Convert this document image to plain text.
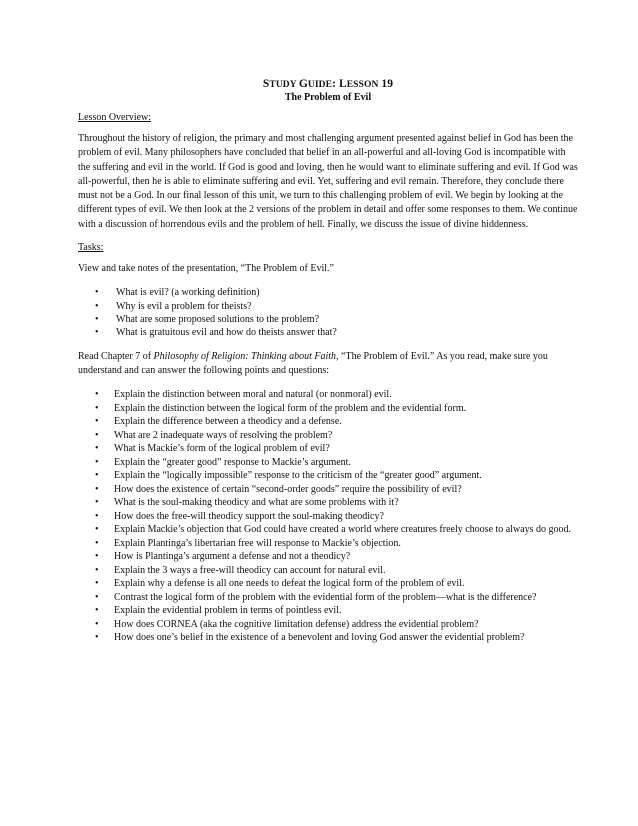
STUDY GUIDE: LESSON 19
The Problem of Evil
Lesson Overview:

Throughout the history of religion, the primary and most challenging argument presented against belief in God has been the problem of evil. Many philosophers have concluded that belief in an all-powerful and all-loving God is incompatible with the suffering and evil in the world. If God is good and loving, then he would want to eliminate suffering and evil. If God was all-powerful, then he is able to eliminate suffering and evil. Yet, suffering and evil remain. Therefore, they conclude there must not be a God. In our final lesson of this unit, we turn to this challenging problem of evil. We begin by looking at the different types of evil. We then look at the 2 versions of the problem in detail and offer some responses to them. We continue with a discussion of horrendous evils and the problem of hell. Finally, we discuss the issue of divine hiddenness.

Tasks:

View and take notes of the presentation, “The Problem of Evil.”

• What is evil? (a working definition)
• Why is evil a problem for theists?
• What are some proposed solutions to the problem?
• What is gratuitous evil and how do theists answer that?

Read Chapter 7 of Philosophy of Religion: Thinking about Faith, “The Problem of Evil.” As you read, make sure you understand and can answer the following points and questions:

• Explain the distinction between moral and natural (or nonmoral) evil.
• Explain the distinction between the logical form of the problem and the evidential form.
• Explain the difference between a theodicy and a defense.
• What are 2 inadequate ways of resolving the problem?
• What is Mackie’s form of the logical problem of evil?
• Explain the “greater good” response to Mackie’s argument.
• Explain the “logically impossible” response to the criticism of the “greater good” argument.
• How does the existence of certain “second-order goods” require the possibility of evil?
• What is the soul-making theodicy and what are some problems with it?
• How does the free-will theodicy support the soul-making theodicy?
• Explain Mackie’s objection that God could have created a world where creatures freely choose to always do good.
• Explain Plantinga’s libertarian free will response to Mackie’s objection.
• How is Plantinga’s argument a defense and not a theodicy?
• Explain the 3 ways a free-will theodicy can account for natural evil.
• Explain why a defense is all one needs to defeat the logical form of the problem of evil.
• Contrast the logical form of the problem with the evidential form of the problem—what is the difference?
• Explain the evidential problem in terms of pointless evil.
• How does CORNEA (aka the cognitive limitation defense) address the evidential problem?
• How does one’s belief in the existence of a benevolent and loving God answer the evidential problem?
